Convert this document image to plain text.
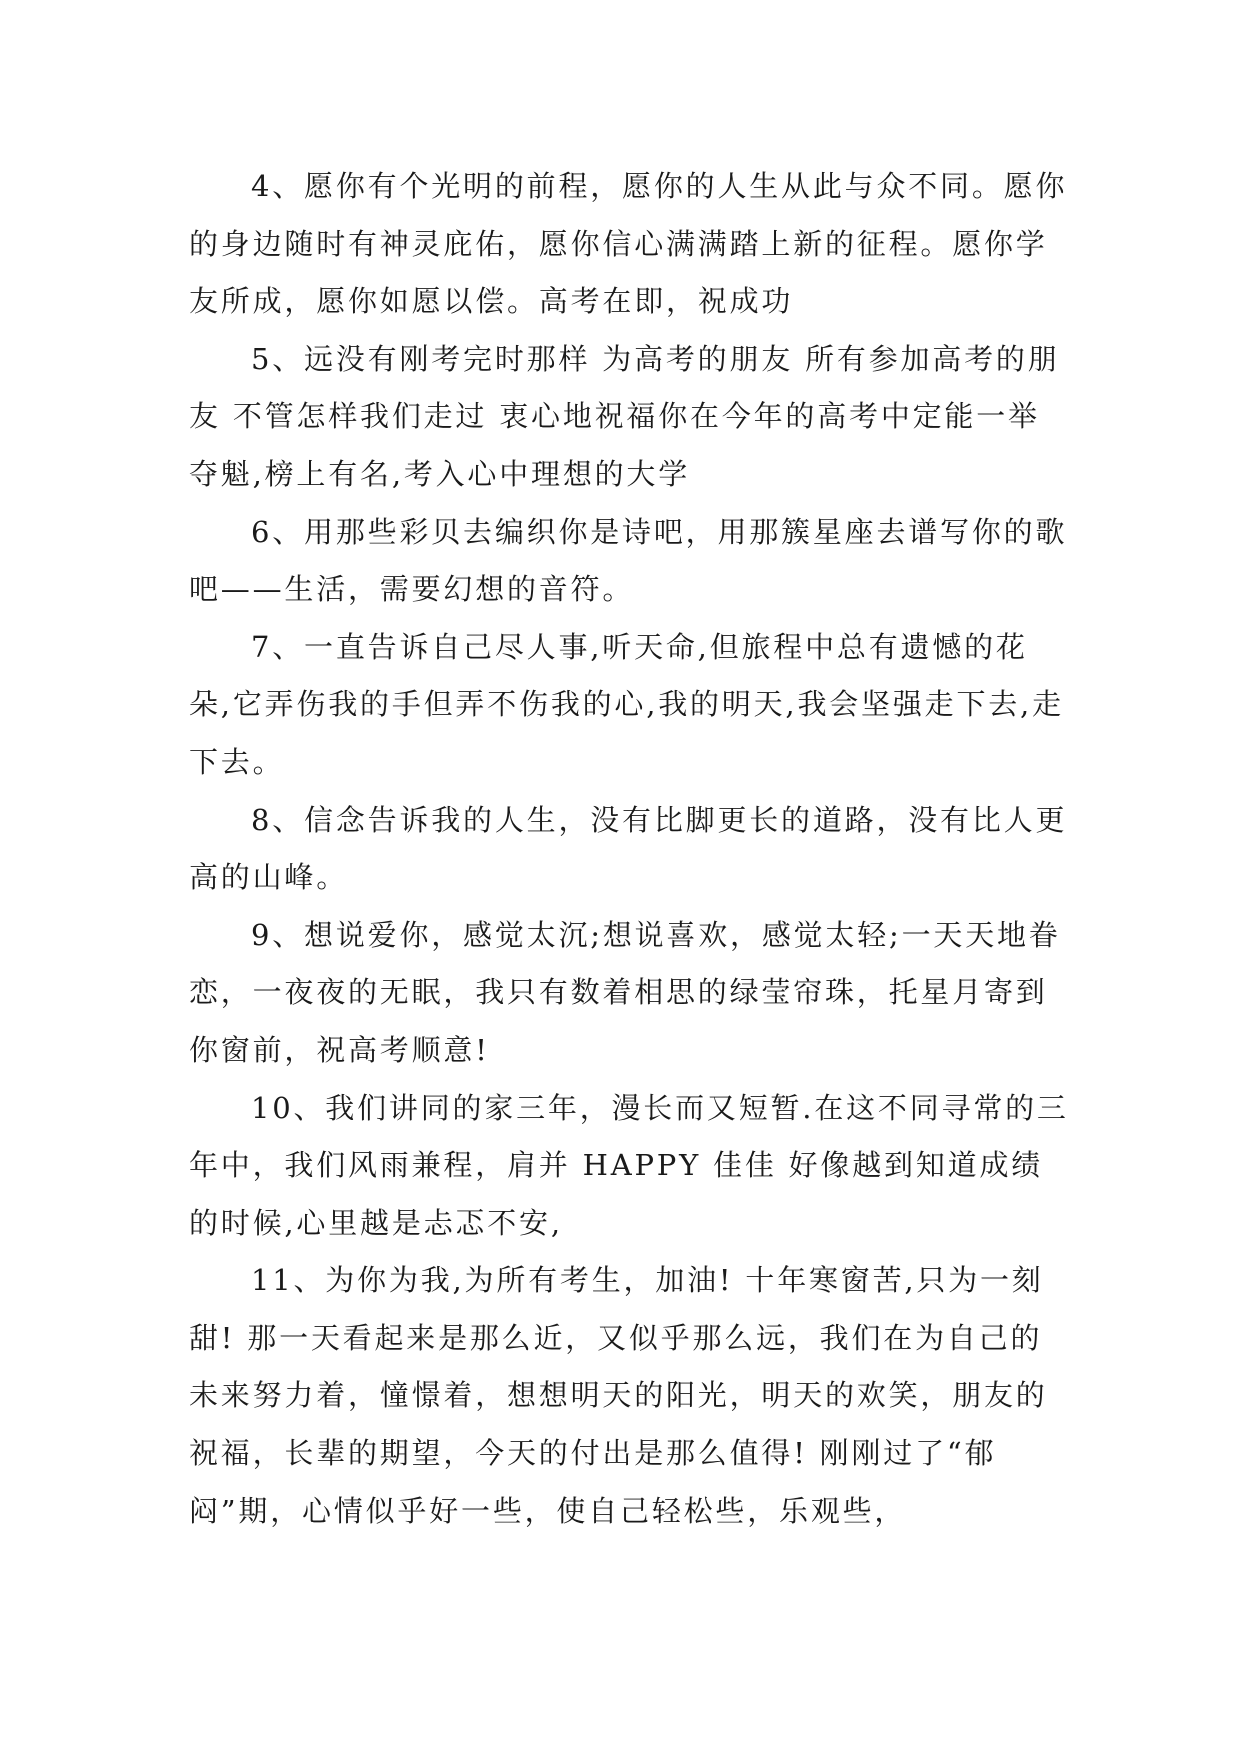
4、愿你有个光明的前程，愿你的人生从此与众不同。愿你的身边随时有神灵庇佑，愿你信心满满踏上新的征程。愿你学友所成，愿你如愿以偿。高考在即，祝成功

5、远没有刚考完时那样 为高考的朋友 所有参加高考的朋友 不管怎样我们走过 衷心地祝福你在今年的高考中定能一举夺魁,榜上有名,考入心中理想的大学

6、用那些彩贝去编织你是诗吧，用那簇星座去谱写你的歌吧——生活，需要幻想的音符。

7、一直告诉自己尽人事,听天命,但旅程中总有遗憾的花朵,它弄伤我的手但弄不伤我的心,我的明天,我会坚强走下去,走下去。

8、信念告诉我的人生，没有比脚更长的道路，没有比人更高的山峰。

9、想说爱你，感觉太沉;想说喜欢，感觉太轻;一天天地眷恋，一夜夜的无眠，我只有数着相思的绿莹帘珠，托星月寄到你窗前，祝高考顺意!

10、我们讲同的家三年，漫长而又短暂.在这不同寻常的三年中，我们风雨兼程，肩并 HAPPY 佳佳 好像越到知道成绩的时候,心里越是忐忑不安,

11、为你为我,为所有考生，加油! 十年寒窗苦,只为一刻甜! 那一天看起来是那么近，又似乎那么远，我们在为自己的未来努力着，憧憬着，想想明天的阳光，明天的欢笑，朋友的祝福，长辈的期望，今天的付出是那么值得! 刚刚过了“郁闷”期，心情似乎好一些，使自己轻松些，乐观些，
